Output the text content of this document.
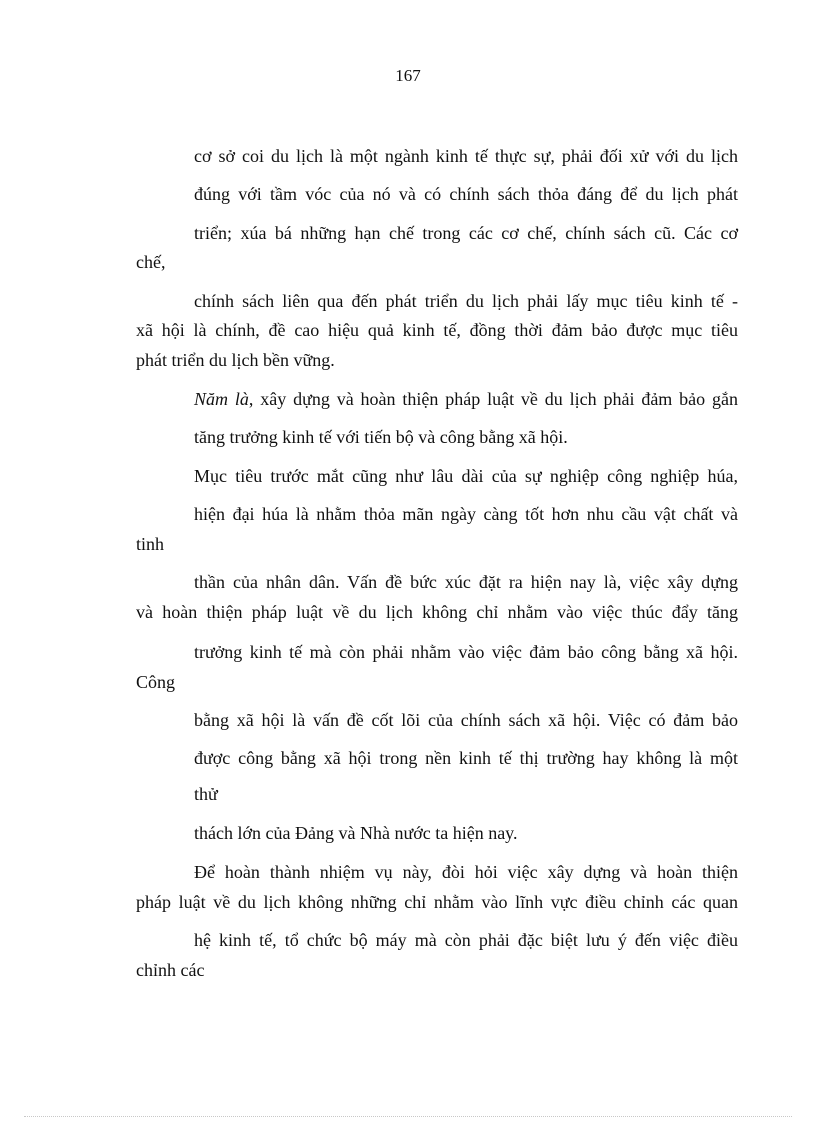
167

cơ sở coi du lịch là một ngành kinh tế thực sự, phải đối xử với du lịch

đúng với tầm vóc của nó và có chính sách thỏa đáng để du lịch phát

triển; xúa bá những hạn chế trong các cơ chế, chính sách cũ. Các cơ

chế,

chính sách liên qua đến phát triển du lịch phải lấy mục tiêu kinh tế -

xã hội là chính, đề cao hiệu quả kinh tế, đồng thời đảm bảo được mục tiêu

phát triển du lịch bền vững.

Năm là, xây dựng và hoàn thiện pháp luật về du lịch phải đảm bảo gắn

tăng trưởng kinh tế với tiến bộ và công bằng xã hội.

Mục tiêu trước mắt cũng như lâu dài của sự nghiệp công nghiệp húa,

hiện đại húa là nhằm thỏa mãn ngày càng tốt hơn nhu cầu vật chất và

tinh

thần của nhân dân. Vấn đề bức xúc đặt ra hiện nay là, việc xây dựng

và hoàn thiện pháp luật về du lịch không chỉ nhằm vào việc thúc đẩy tăng

trưởng kinh tế mà còn phải nhằm vào việc đảm bảo công bằng xã hội.

Công

bằng xã hội là vấn đề cốt lõi của chính sách xã hội. Việc có đảm bảo

được công bằng xã hội trong nền kinh tế thị trường hay không là một

thử

thách lớn của Đảng và Nhà nước ta hiện nay.

Để hoàn thành nhiệm vụ này, đòi hỏi việc xây dựng và hoàn thiện

pháp luật về du lịch không những chỉ nhằm vào lĩnh vực điều chỉnh các quan

hệ kinh tế, tổ chức bộ máy mà còn phải đặc biệt lưu ý đến việc điều

chỉnh các
